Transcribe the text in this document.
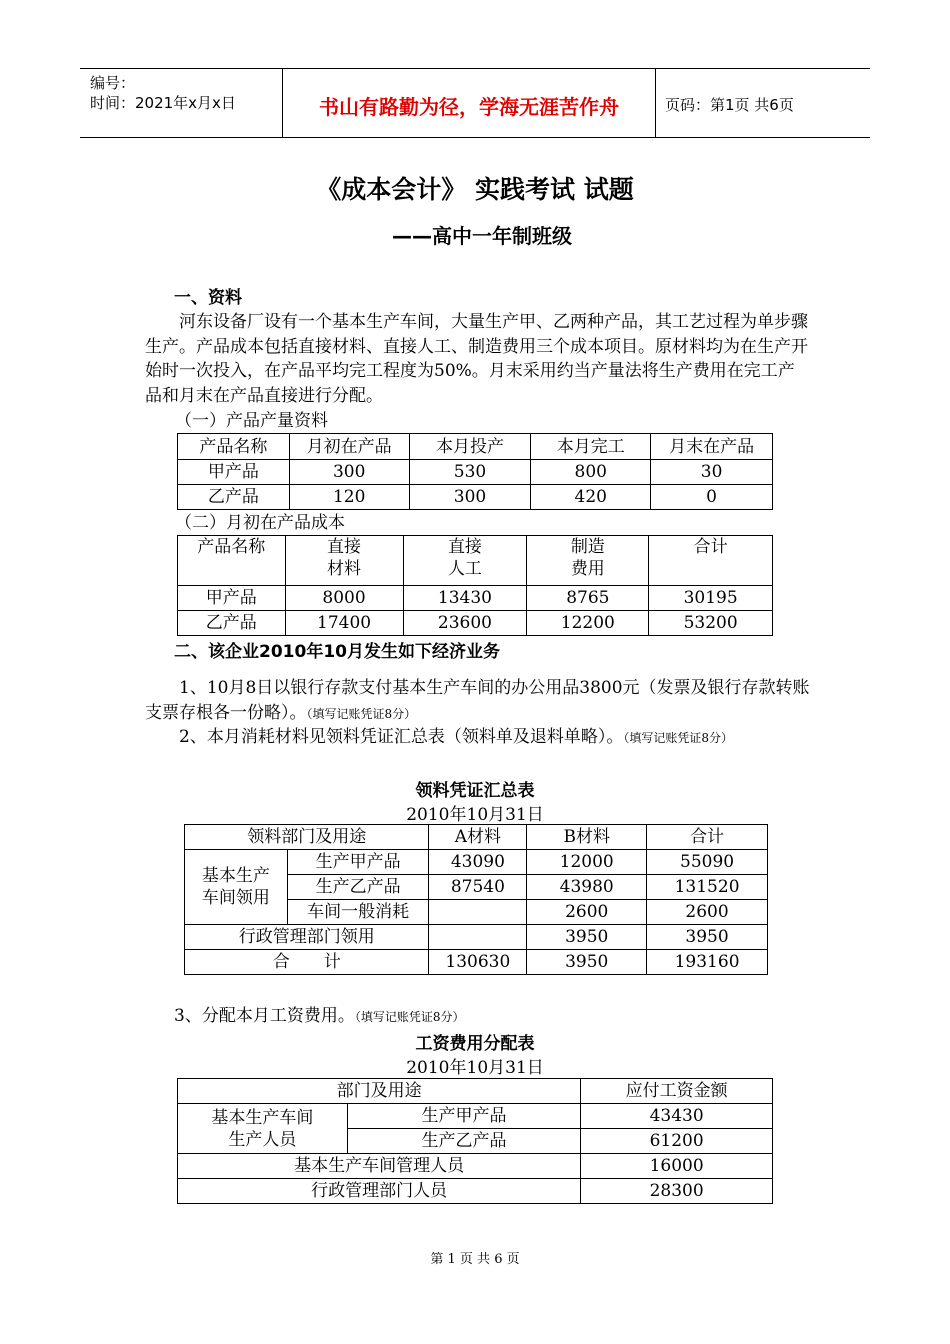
编号：
时间：2021年x月x日	书山有路勤为径，学海无涯苦作舟	页码：第1页 共6页
《成本会计》 实践考试 试题
——高中一年制班级
一、资料
河东设备厂设有一个基本生产车间，大量生产甲、乙两种产品，其工艺过程为单步骤生产。产品成本包括直接材料、直接人工、制造费用三个成本项目。原材料均为在生产开始时一次投入，在产品平均完工程度为50%。月末采用约当产量法将生产费用在完工产品和月末在产品直接进行分配。
（一）产品产量资料
产品名称	月初在产品	本月投产	本月完工	月末在产品
甲产品	300	530	800	30
乙产品	120	300	420	0
（二）月初在产品成本
产品名称	直接材料	直接人工	制造费用	合计
甲产品	8000	13430	8765	30195
乙产品	17400	23600	12200	53200
二、该企业2010年10月发生如下经济业务
1、10月8日以银行存款支付基本生产车间的办公用品3800元（发票及银行存款转账支票存根各一份略）。（填写记账凭证8分）
2、本月消耗材料见领料凭证汇总表（领料单及退料单略）。（填写记账凭证8分）
领料凭证汇总表
2010年10月31日
领料部门及用途		A材料	B材料	合计
基本生产车间领用	生产甲产品	43090	12000	55090
	生产乙产品	87540	43980	131520
	车间一般消耗		2600	2600
行政管理部门领用			3950	3950
合　　计		130630	3950	193160
3、分配本月工资费用。（填写记账凭证8分）
工资费用分配表
2010年10月31日
部门及用途		应付工资金额
基本生产车间生产人员	生产甲产品	43430
	生产乙产品	61200
基本生产车间管理人员		16000
行政管理部门人员		28300
第 1 页 共 6 页
